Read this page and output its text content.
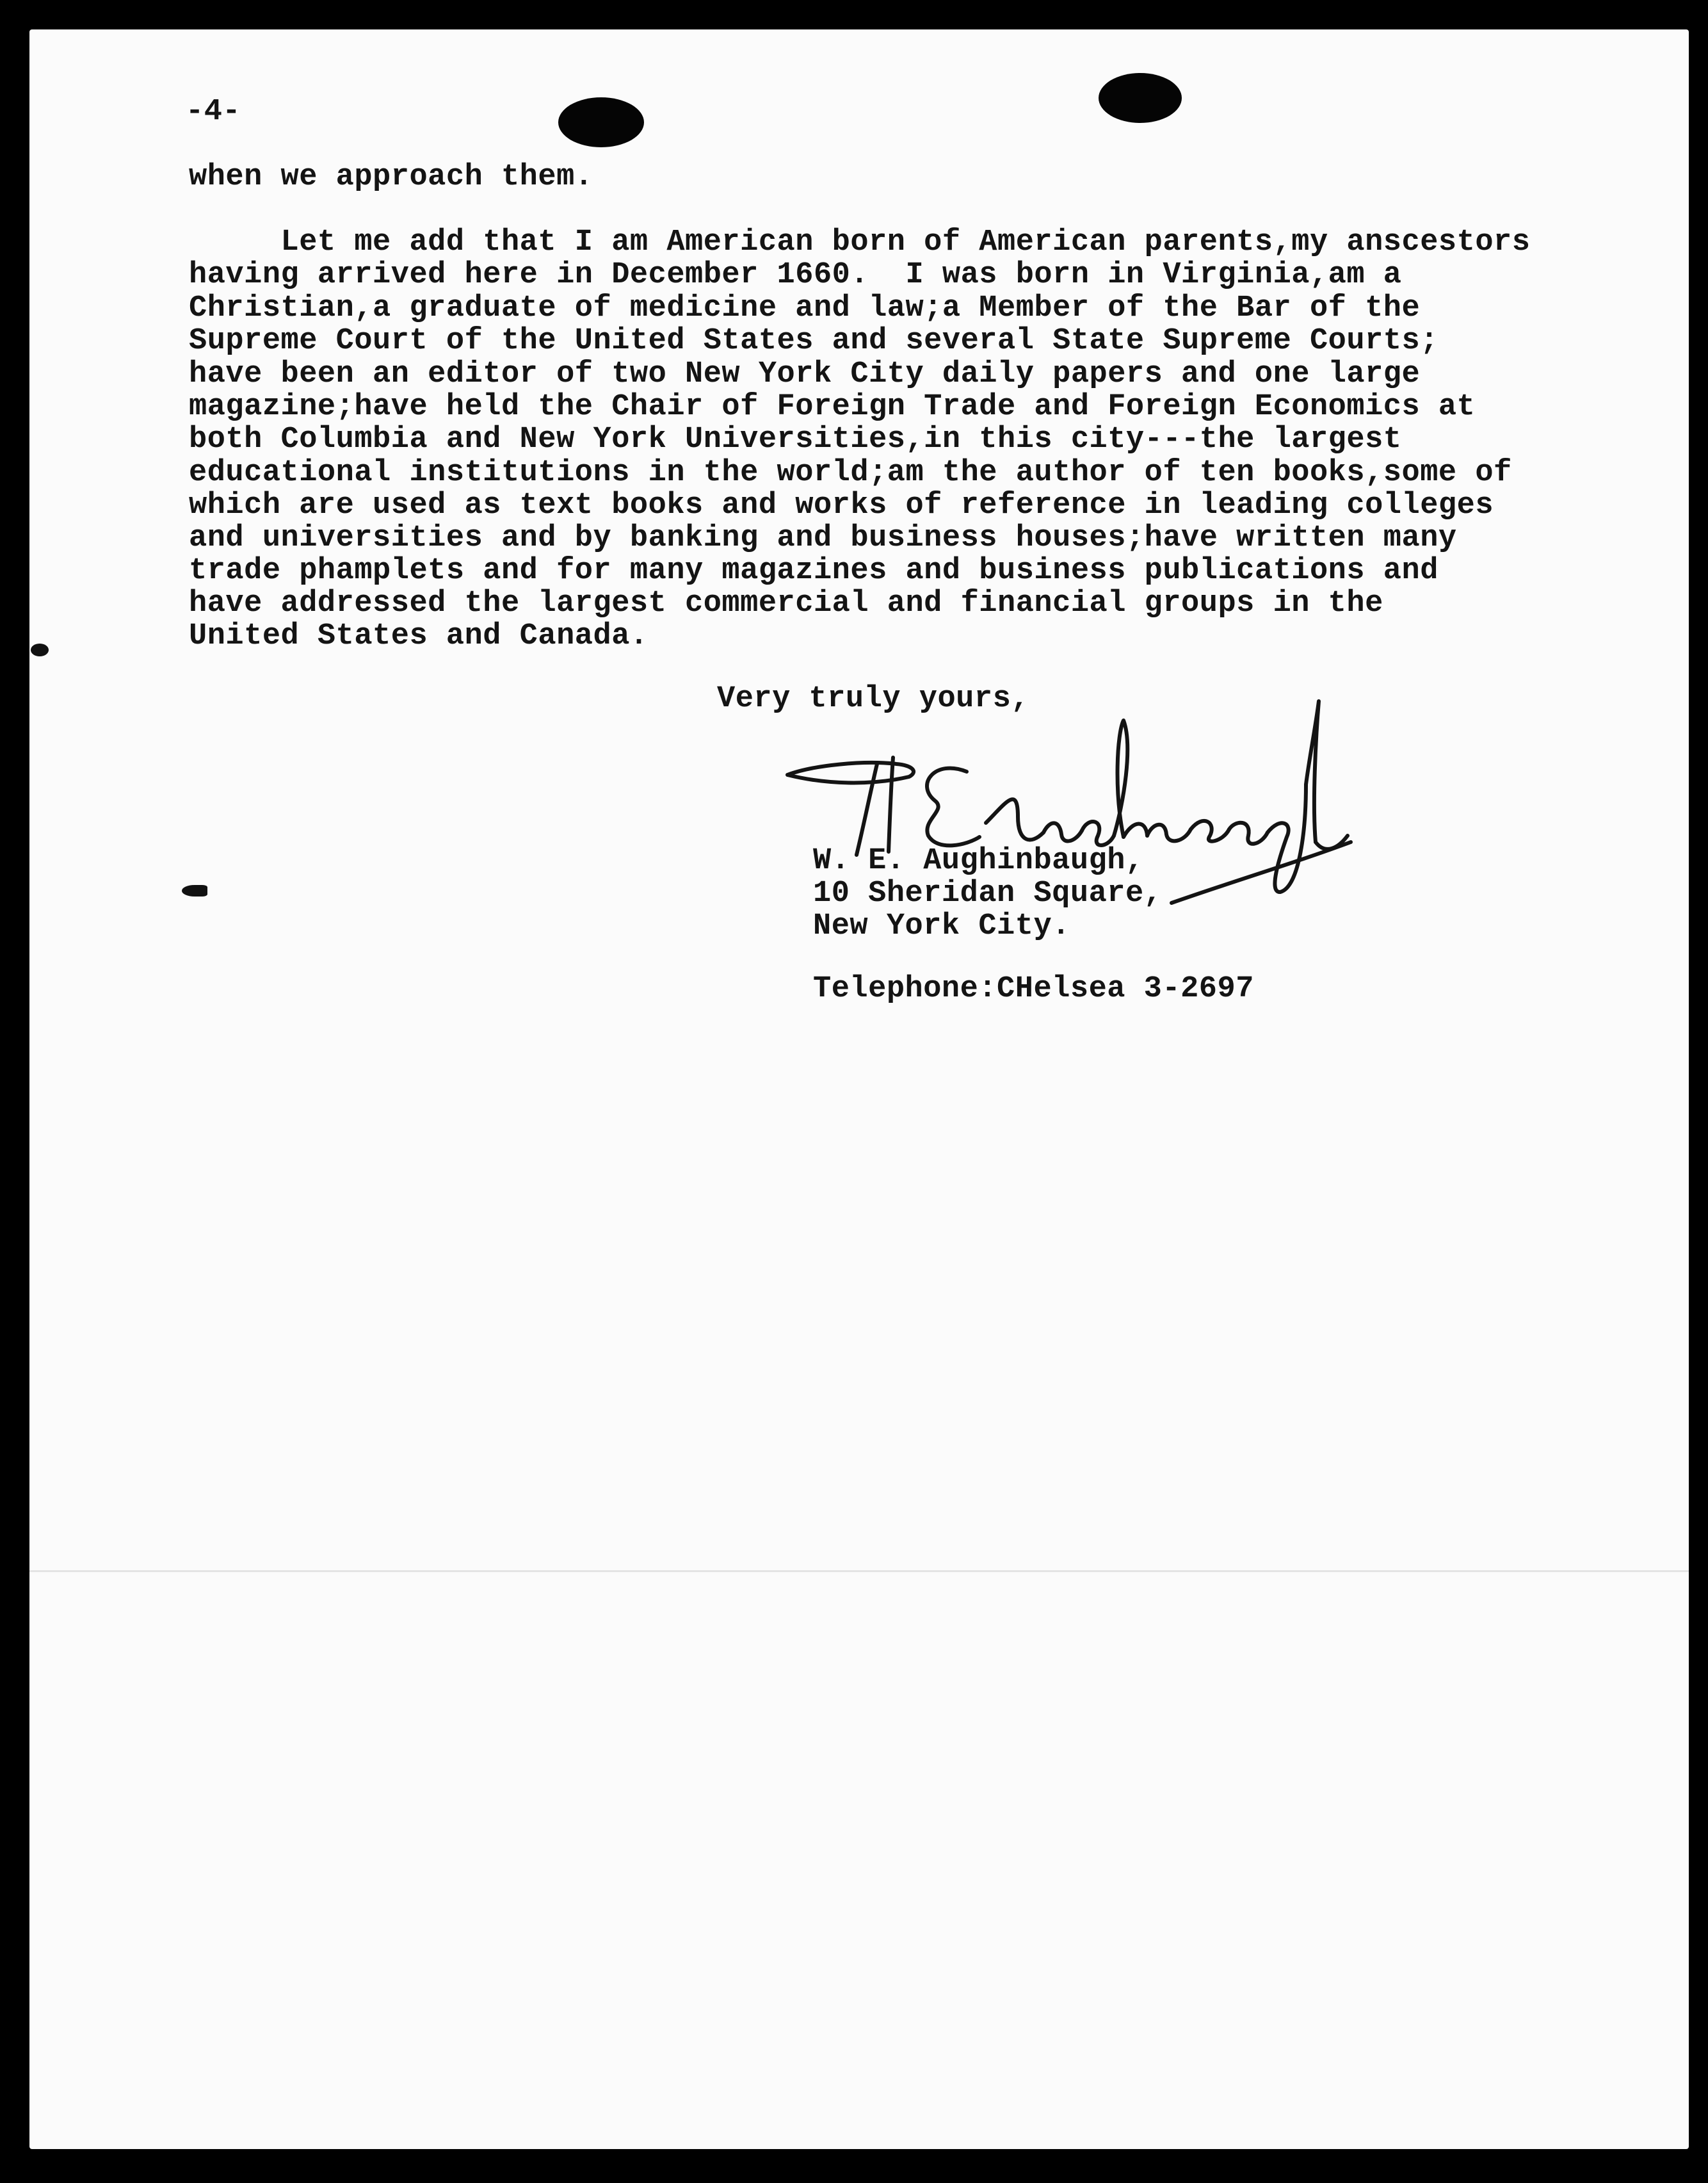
-4-
when we approach them.
Let me add that I am American born of American parents,my anscestors
having arrived here in December 1660.  I was born in Virginia,am a
Christian,a graduate of medicine and law;a Member of the Bar of the
Supreme Court of the United States and several State Supreme Courts;
have been an editor of two New York City daily papers and one large
magazine;have held the Chair of Foreign Trade and Foreign Economics at
both Columbia and New York Universities,in this city---the largest
educational institutions in the world;am the author of ten books,some of
which are used as text books and works of reference in leading colleges
and universities and by banking and business houses;have written many
trade phamplets and for many magazines and business publications and
have addressed the largest commercial and financial groups in the
United States and Canada.
Very truly yours,
W. E. Aughinbaugh,
10 Sheridan Square,
New York City.
Telephone:CHelsea 3-2697
